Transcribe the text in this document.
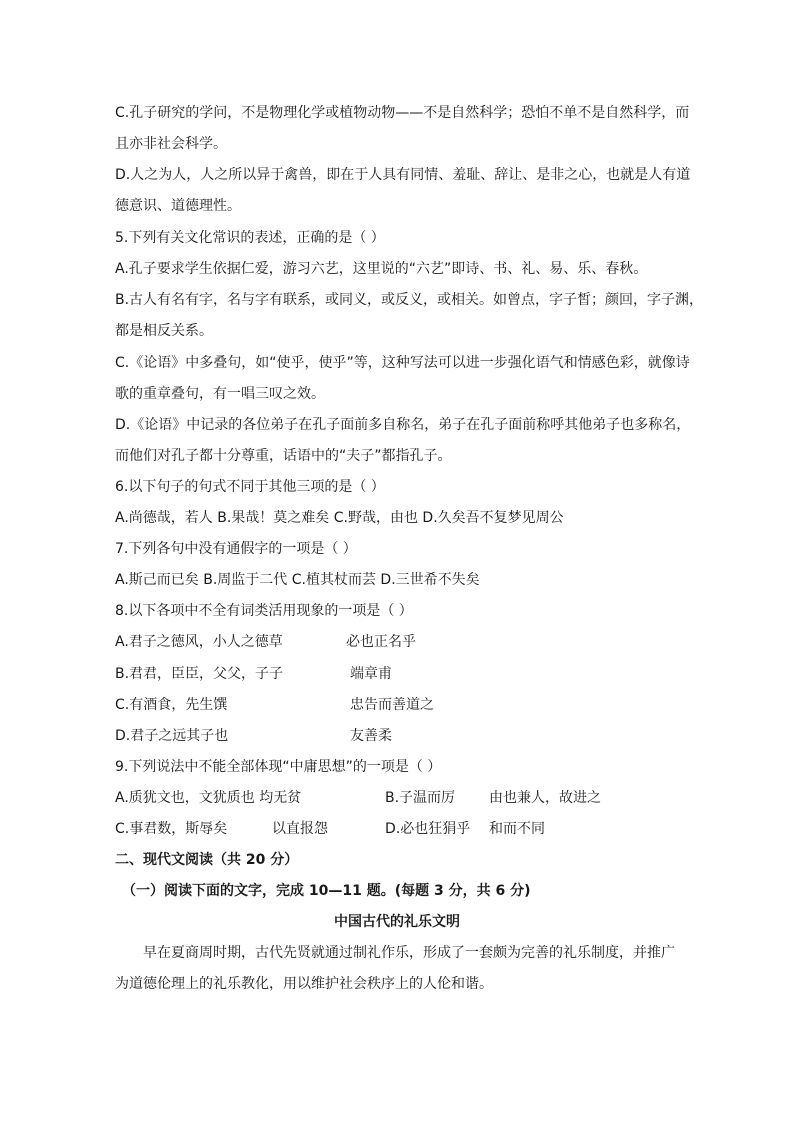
C.孔子研究的学问，不是物理化学或植物动物——不是自然科学；恐怕不单不是自然科学，而
且亦非社会科学。
D.人之为人，人之所以异于禽兽，即在于人具有同情、羞耻、辞让、是非之心，也就是人有道
德意识、道德理性。
5.下列有关文化常识的表述，正确的是（ ）
A.孔子要求学生依据仁爱，游习六艺，这里说的“六艺”即诗、书、礼、易、乐、春秋。
B.古人有名有字，名与字有联系，或同义，或反义，或相关。如曾点，字子皙；颜回，字子渊，
都是相反关系。
C.《论语》中多叠句，如“使乎，使乎”等，这种写法可以进一步强化语气和情感色彩，就像诗
歌的重章叠句，有一唱三叹之效。
D.《论语》中记录的各位弟子在孔子面前多自称名，弟子在孔子面前称呼其他弟子也多称名，
而他们对孔子都十分尊重，话语中的“夫子”都指孔子。
6.以下句子的句式不同于其他三项的是（ ）
A.尚德哉，若人 B.果哉！莫之难矣 C.野哉，由也 D.久矣吾不复梦见周公
7.下列各句中没有通假字的一项是（ ）
A.斯己而已矣 B.周监于二代 C.植其杖而芸 D.三世希不失矣
8.以下各项中不全有词类活用现象的一项是（ ）
A.君子之德风，小人之德草	必也正名乎
B.君君，臣臣，父父，子子	端章甫
C.有酒食，先生馔	忠告而善道之
D.君子之远其子也	友善柔
9.下列说法中不能全部体现“中庸思想”的一项是（ ）
A.质犹文也，文犹质也 均无贫	B.子温而厉 由也兼人，故进之
C.事君数，斯辱矣	以直报怨	D.必也狂狷乎 和而不同
二、现代文阅读（共 20 分）
（一）阅读下面的文字，完成 10—11 题。(每题 3 分，共 6 分)
中国古代的礼乐文明
早在夏商周时期，古代先贤就通过制礼作乐，形成了一套颇为完善的礼乐制度，并推广
为道德伦理上的礼乐教化，用以维护社会秩序上的人伦和谐。
